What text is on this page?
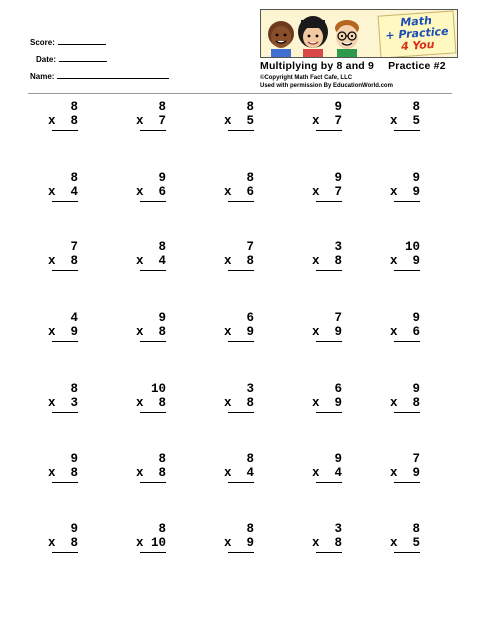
Score:
Date:
Name:
Math
+ Practice
4 You
Multiplying by 8 and 9 Practice #2
©Copyright Math Fact Cafe, LLC
Used with permission By EducationWorld.com
8
x 8
8
x 7
8
x 5
9
x 7
8
x 5
8
x 4
9
x 6
8
x 6
9
x 7
9
x 9
7
x 8
8
x 4
7
x 8
3
x 8
10
x 9
4
x 9
9
x 8
6
x 9
7
x 9
9
x 6
8
x 3
10
x 8
3
x 8
6
x 9
9
x 8
9
x 8
8
x 8
8
x 4
9
x 4
7
x 9
9
x 8
8
x 10
8
x 9
3
x 8
8
x 5
